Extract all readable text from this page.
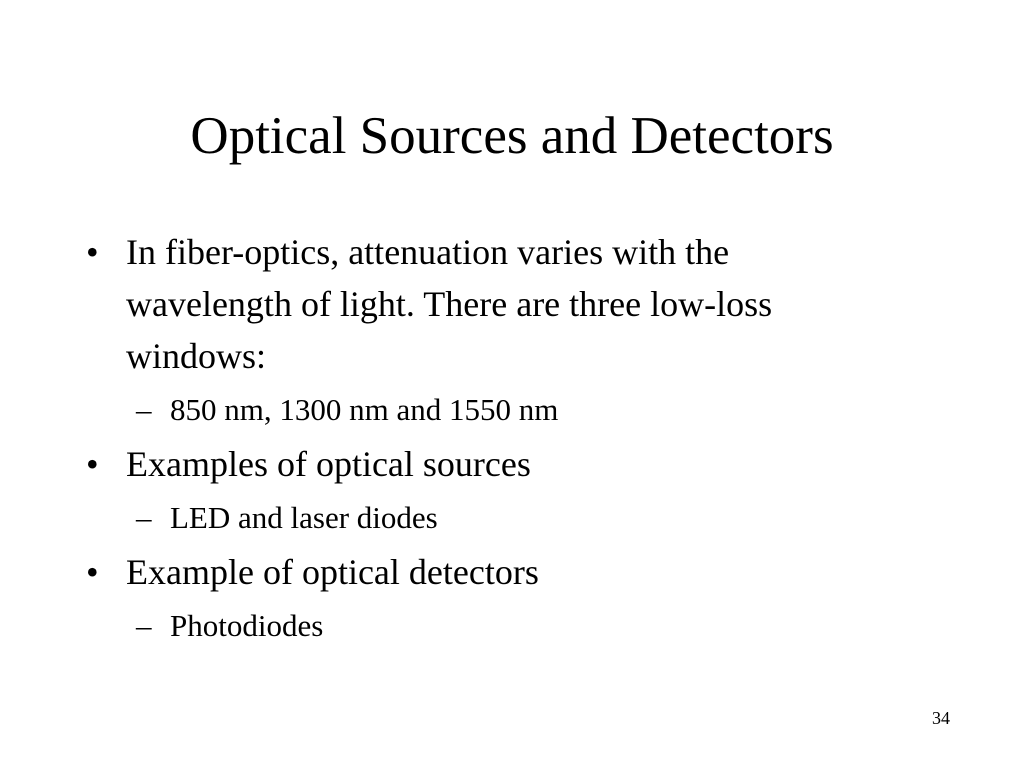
Optical Sources and Detectors
• In fiber-optics, attenuation varies with the
wavelength of light. There are three low-loss
windows:
– 850 nm, 1300 nm and 1550 nm
• Examples of optical sources
– LED and laser diodes
• Example of optical detectors
– Photodiodes
34
